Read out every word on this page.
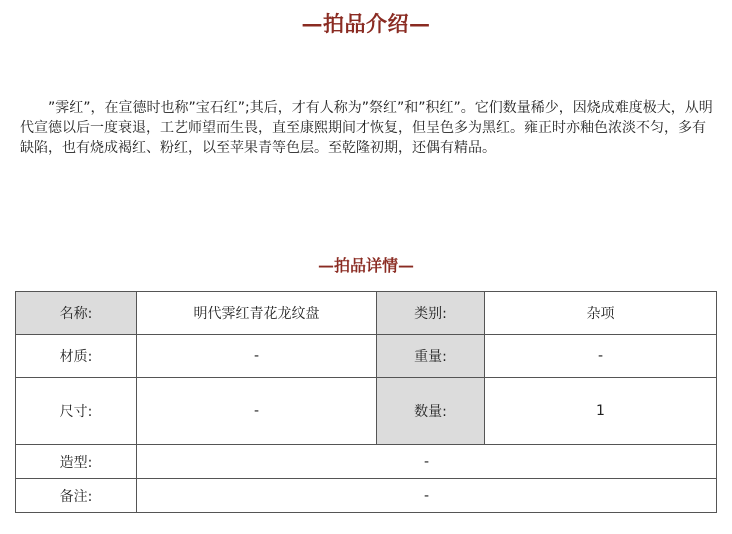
—拍品介绍—

”霁红”，在宣德时也称”宝石红”;其后，才有人称为”祭红”和”积红”。它们数量稀少，因烧成难度极大，从明代宣德以后一度衰退，工艺师望而生畏，直至康熙期间才恢复，但呈色多为黑红。雍正时亦釉色浓淡不匀，多有缺陷，也有烧成褐红、粉红，以至苹果青等色层。至乾隆初期，还偶有精品。

—拍品详情—
名称:	明代霁红青花龙纹盘	类别:	杂项
材质:	-	重量:	-
尺寸:	-	数量:	1
造型:	-		
备注:	-		
